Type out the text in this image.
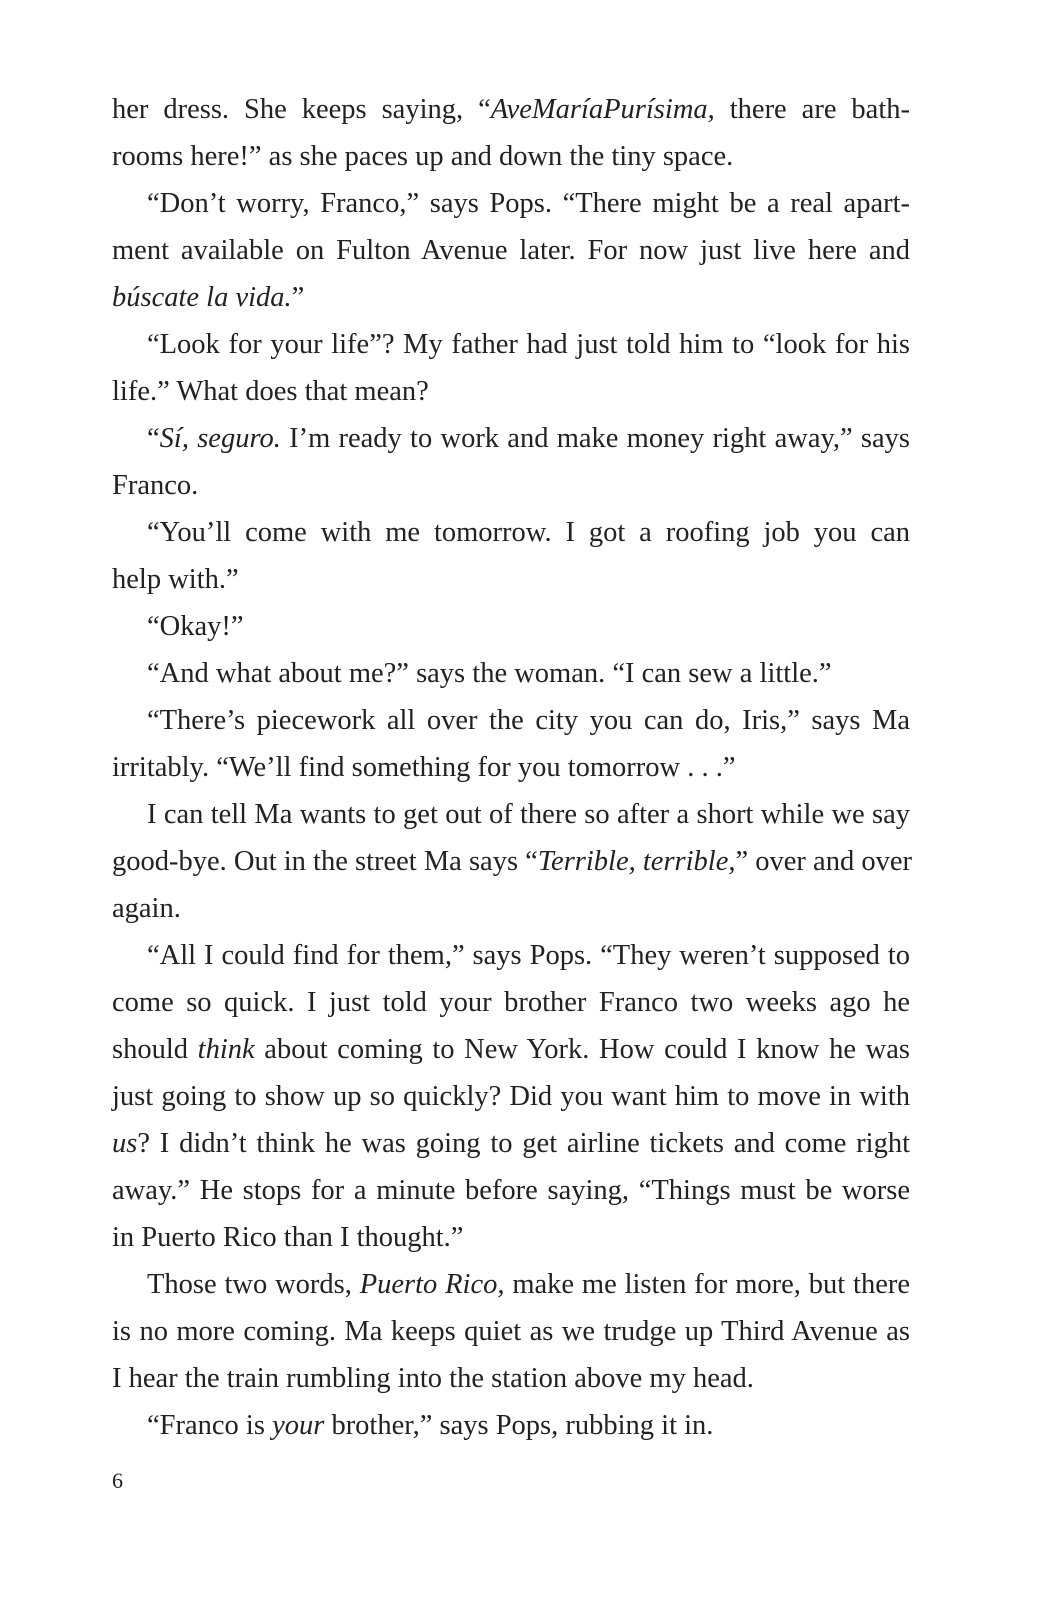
her dress. She keeps saying, “AveMaríaPurísima, there are bath-
rooms here!” as she paces up and down the tiny space.
“Don’t worry, Franco,” says Pops. “There might be a real apart-
ment available on Fulton Avenue later. For now just live here and
búscate la vida.”
“Look for your life”? My father had just told him to “look for his
life.” What does that mean?
“Sí, seguro. I’m ready to work and make money right away,” says
Franco.
“You’ll come with me tomorrow. I got a roofing job you can
help with.”
“Okay!”
“And what about me?” says the woman. “I can sew a little.”
“There’s piecework all over the city you can do, Iris,” says Ma
irritably. “We’ll find something for you tomorrow . . .”
I can tell Ma wants to get out of there so after a short while we say
good-bye. Out in the street Ma says “Terrible, terrible,” over and over
again.
“All I could find for them,” says Pops. “They weren’t supposed to
come so quick. I just told your brother Franco two weeks ago he
should think about coming to New York. How could I know he was
just going to show up so quickly? Did you want him to move in with
us? I didn’t think he was going to get airline tickets and come right
away.” He stops for a minute before saying, “Things must be worse
in Puerto Rico than I thought.”
Those two words, Puerto Rico, make me listen for more, but there
is no more coming. Ma keeps quiet as we trudge up Third Avenue as
I hear the train rumbling into the station above my head.
“Franco is your brother,” says Pops, rubbing it in.
6
